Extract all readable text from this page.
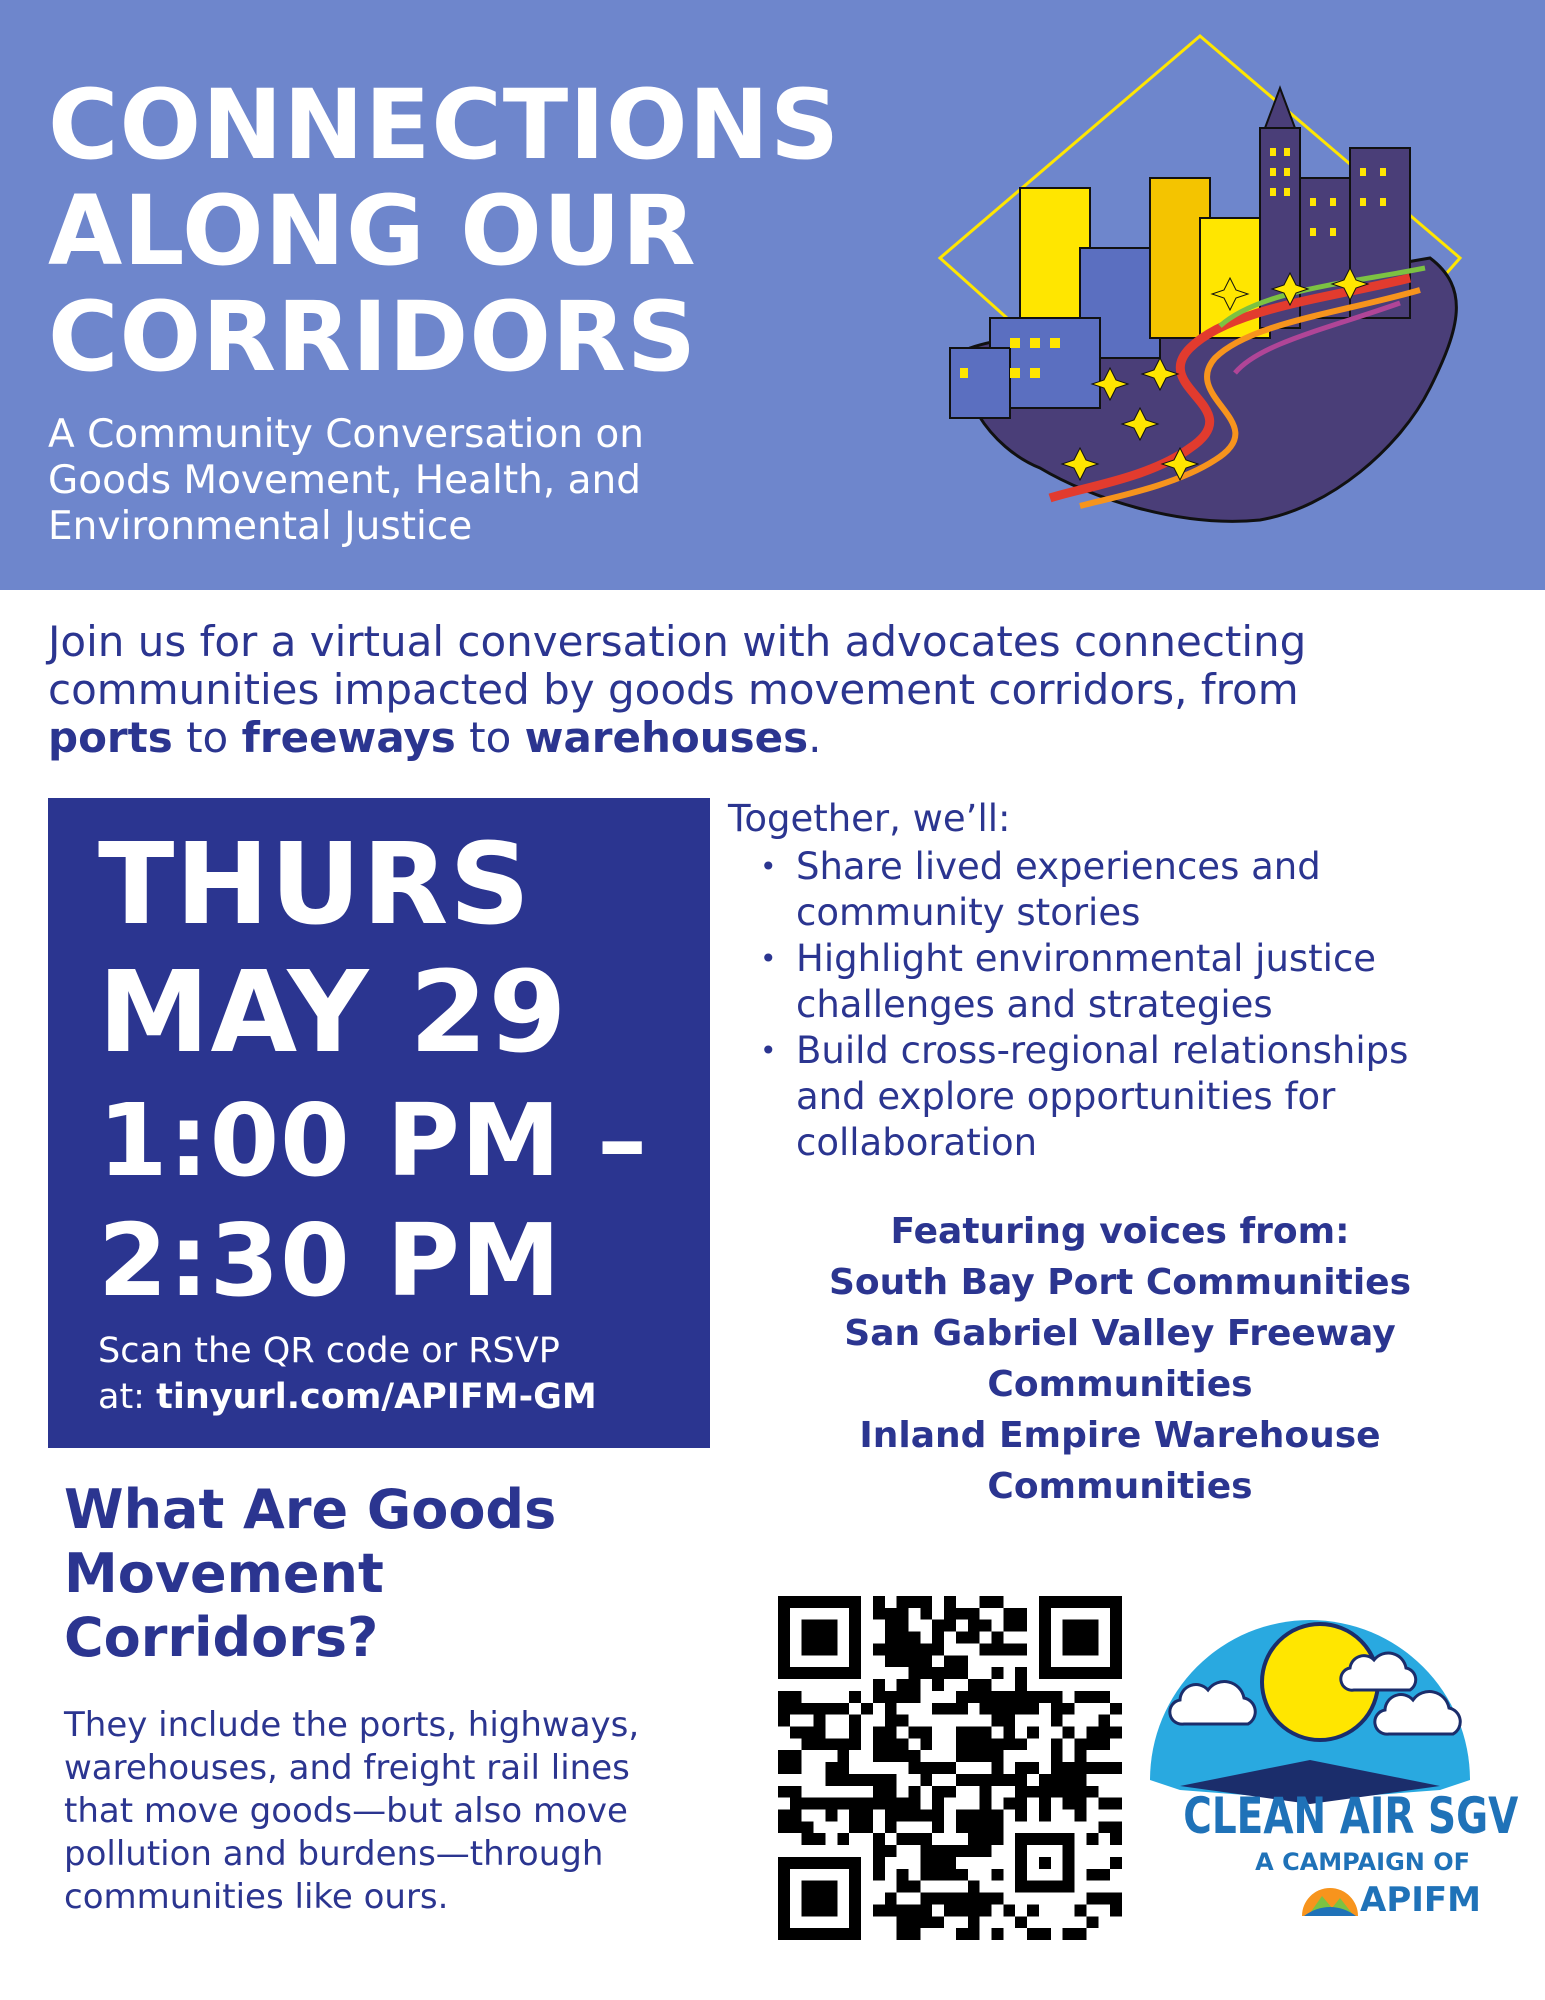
CONNECTIONS
ALONG OUR
CORRIDORS
A Community Conversation on
Goods Movement, Health, and
Environmental Justice
Join us for a virtual conversation with advocates connecting
communities impacted by goods movement corridors, from
ports to freeways to warehouses.
THURS
MAY 29
1:00 PM –
2:30 PM
Scan the QR code or RSVP
at: tinyurl.com/APIFM-GM
Together, we’ll:
• Share lived experiences and
community stories
• Highlight environmental justice
challenges and strategies
• Build cross-regional relationships
and explore opportunities for
collaboration
Featuring voices from:
South Bay Port Communities
San Gabriel Valley Freeway
Communities
Inland Empire Warehouse
Communities
What Are Goods
Movement
Corridors?
They include the ports, highways,
warehouses, and freight rail lines
that move goods—but also move
pollution and burdens—through
communities like ours.
CLEAN AIR SGV
A CAMPAIGN OF
APIFM
